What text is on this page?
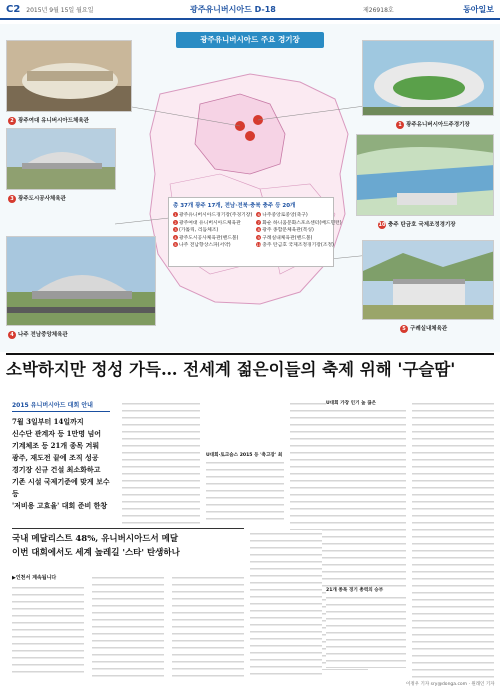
C2 2015년 9월 15일 월요일	광주유니버시아드 D-18	제26918호	동아일보
광주유니버시아드 주요 경기장
2 광주여대 유니버시아드체육관
1 광주유니버시아드주경기장
3 광주도시공사체육관
10 충주 탄금호 국제조정경기장
4 나주 전남중앙체육관
5 구례실내체육관
총 37개 광주 17개, 전남·전북·충북 충주 등 20개
1 광주유니버시아드경기장(주경기장)
2 광주여대 유니버시아드체육관
3 (가톨릭, 리듬체조)
4 광주도시공사체육관(핸드볼)
5 나주 전남향상스파(서약)
6 나주중앙로중앙(축구)
7 화순 하니움문화스포츠센터(배드민턴)
8 광주 종합문체육관(복싱)
9 구례실내체육관(핸드볼)
10충주 탄금호 국제조정경기장(조정)
소박하지만 정성 가득… 전세계 젊은이들의 축제 위해 '구슬땀'
2015 유니버시아드 대회 안내
7월 3일부터 14일까지
신수단 관계자 등 1만명 넘어
기계체조 등 21개 종목 겨뤄
광주, 재도전 끝에 조직 성공
경기장 신규 건설 최소화하고
기존 시설 국제기준에 맞게 보수 등
'저비용 고효율' 대회 준비 한창
U대회·토크숨스 2015 등 '축고장' 최
U대회 가장 인기 높 끊은
21개 종목 경기 총력의 승부
국내 메달리스트 48%, 유니버시아드서 메달
이번 대회에서도 세계 높레길 '스타' 탄생하나
▶인천서 계속됩니다
이정우 기자 sry@donga.com · 원래인 기자
